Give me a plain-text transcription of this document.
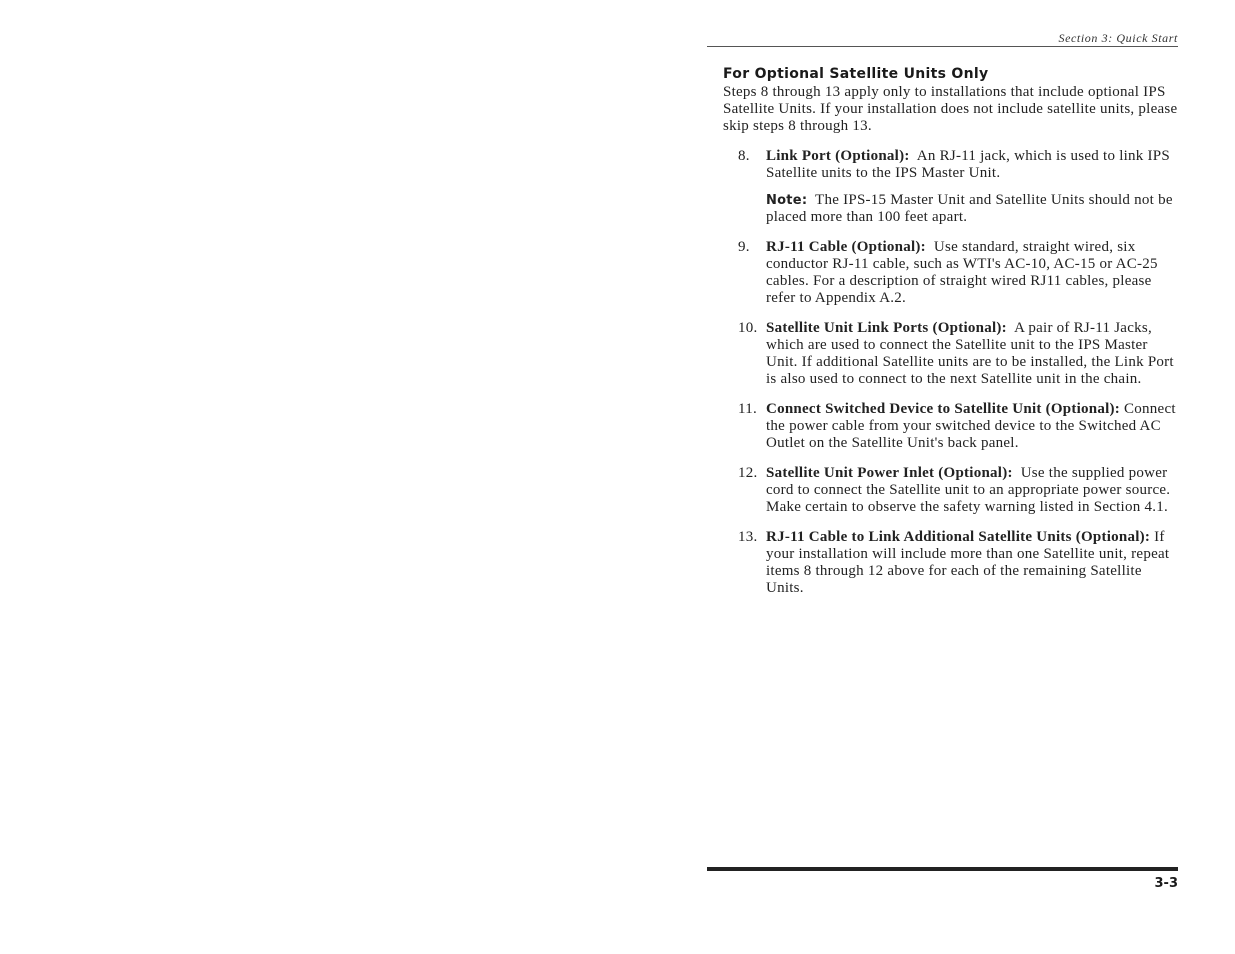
Section 3: Quick Start
For Optional Satellite Units Only

Steps 8 through 13 apply only to installations that include optional IPS Satellite Units. If your installation does not include satellite units, please skip steps 8 through 13.

8. Link Port (Optional): An RJ-11 jack, which is used to link IPS Satellite units to the IPS Master Unit.
Note: The IPS-15 Master Unit and Satellite Units should not be placed more than 100 feet apart.
9. RJ-11 Cable (Optional): Use standard, straight wired, six conductor RJ-11 cable, such as WTI's AC-10, AC-15 or AC-25 cables. For a description of straight wired RJ11 cables, please refer to Appendix A.2.
10. Satellite Unit Link Ports (Optional): A pair of RJ-11 Jacks, which are used to connect the Satellite unit to the IPS Master Unit. If additional Satellite units are to be installed, the Link Port is also used to connect to the next Satellite unit in the chain.
11. Connect Switched Device to Satellite Unit (Optional): Connect the power cable from your switched device to the Switched AC Outlet on the Satellite Unit's back panel.
12. Satellite Unit Power Inlet (Optional): Use the supplied power cord to connect the Satellite unit to an appropriate power source. Make certain to observe the safety warning listed in Section 4.1.
13. RJ-11 Cable to Link Additional Satellite Units (Optional): If your installation will include more than one Satellite unit, repeat items 8 through 12 above for each of the remaining Satellite Units.
3-3
